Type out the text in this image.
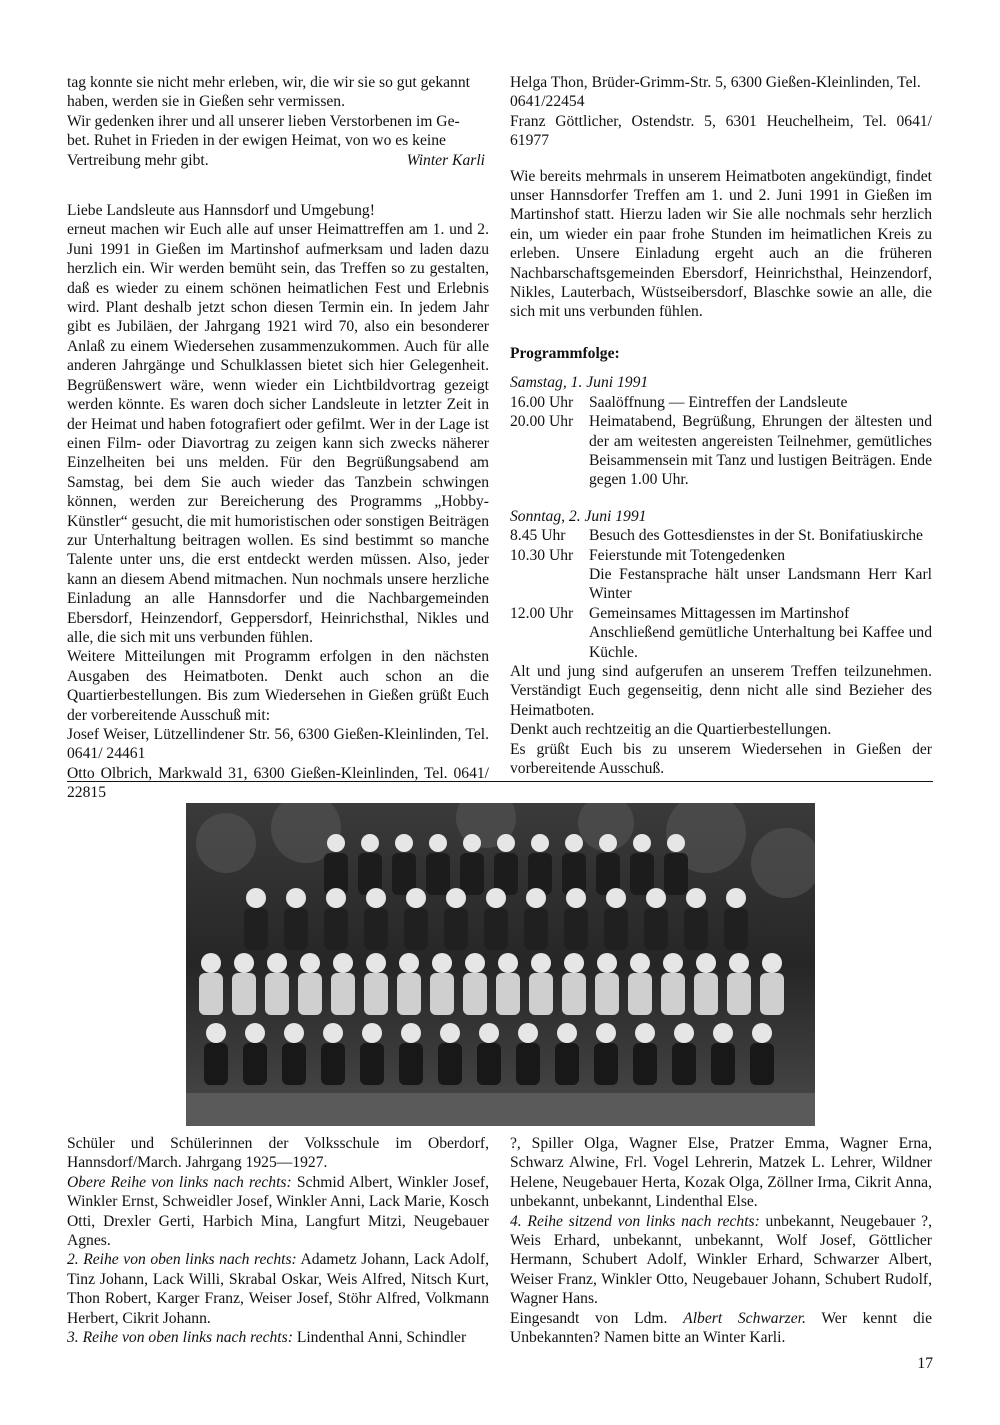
tag konnte sie nicht mehr erleben, wir, die wir sie so gut gekannt

haben, werden sie in Gießen sehr vermissen.

Wir gedenken ihrer und all unserer lieben Verstorbenen im Ge-

bet. Ruhet in Frieden in der ewigen Heimat, von wo es keine

Vertreibung mehr gibt.	Winter Karli

Liebe Landsleute aus Hannsdorf und Umgebung!

erneut machen wir Euch alle auf unser Heimattreffen am 1. und 2. Juni 1991 in Gießen im Martinshof aufmerksam und laden dazu herzlich ein. Wir werden bemüht sein, das Treffen so zu gestalten, daß es wieder zu einem schönen heimatlichen Fest und Erlebnis wird. Plant deshalb jetzt schon diesen Termin ein. In jedem Jahr gibt es Jubiläen, der Jahrgang 1921 wird 70, also ein besonderer Anlaß zu einem Wiedersehen zusammenzukommen. Auch für alle anderen Jahrgänge und Schulklassen bietet sich hier Gelegenheit. Begrüßenswert wäre, wenn wieder ein Lichtbildvortrag gezeigt werden könnte. Es waren doch sicher Landsleute in letzter Zeit in der Heimat und haben fotografiert oder gefilmt. Wer in der Lage ist einen Film- oder Diavortrag zu zeigen kann sich zwecks näherer Einzelheiten bei uns melden. Für den Begrüßungsabend am Samstag, bei dem Sie auch wieder das Tanzbein schwingen können, werden zur Bereicherung des Programms „Hobby-Künstler“ gesucht, die mit humoristischen oder sonstigen Beiträgen zur Unterhaltung beitragen wollen. Es sind bestimmt so manche Talente unter uns, die erst entdeckt werden müssen. Also, jeder kann an diesem Abend mitmachen. Nun nochmals unsere herzliche Einladung an alle Hannsdorfer und die Nachbargemeinden Ebersdorf, Heinzendorf, Geppersdorf, Heinrichsthal, Nikles und alle, die sich mit uns verbunden fühlen.

Weitere Mitteilungen mit Programm erfolgen in den nächsten Ausgaben des Heimatboten. Denkt auch schon an die Quartierbestellungen. Bis zum Wiedersehen in Gießen grüßt Euch der vorbereitende Ausschuß mit:

Josef Weiser, Lützellindener Str. 56, 6300 Gießen-Kleinlinden, Tel. 0641/ 24461

Otto Olbrich, Markwald 31, 6300 Gießen-Kleinlinden, Tel. 0641/ 22815

Helga Thon, Brüder-Grimm-Str. 5, 6300 Gießen-Kleinlinden, Tel. 0641/22454

Franz Göttlicher, Ostendstr. 5, 6301 Heuchelheim, Tel. 0641/ 61977

Wie bereits mehrmals in unserem Heimatboten angekündigt, findet unser Hannsdorfer Treffen am 1. und 2. Juni 1991 in Gießen im Martinshof statt. Hierzu laden wir Sie alle nochmals sehr herzlich ein, um wieder ein paar frohe Stunden im heimatlichen Kreis zu erleben. Unsere Einladung ergeht auch an die früheren Nachbarschaftsgemeinden Ebersdorf, Heinrichsthal, Heinzendorf, Nikles, Lauterbach, Wüstseibersdorf, Blaschke sowie an alle, die sich mit uns verbunden fühlen.

Programmfolge:

Samstag, 1. Juni 1991

16.00 Uhr	Saalöffnung — Eintreffen der Landsleute
20.00 Uhr	Heimatabend, Begrüßung, Ehrungen der ältesten und der am weitesten angereisten Teilnehmer, gemütliches Beisammensein mit Tanz und lustigen Beiträgen. Ende gegen 1.00 Uhr.

Sonntag, 2. Juni 1991

8.45 Uhr	Besuch des Gottesdienstes in der St. Bonifatiuskirche
10.30 Uhr	Feierstunde mit Totengedenken

Die Festansprache hält unser Landsmann Herr Karl Winter

12.00 Uhr	Gemeinsames Mittagessen im Martinshof

Anschließend gemütliche Unterhaltung bei Kaffee und Küchle.

Alt und jung sind aufgerufen an unserem Treffen teilzunehmen. Verständigt Euch gegenseitig, denn nicht alle sind Bezieher des Heimatboten.

Denkt auch rechtzeitig an die Quartierbestellungen.

Es grüßt Euch bis zu unserem Wiedersehen in Gießen der vorbereitende Ausschuß.

Schüler und Schülerinnen der Volksschule im Oberdorf, Hannsdorf/March. Jahrgang 1925—1927.

Obere Reihe von links nach rechts: Schmid Albert, Winkler Josef, Winkler Ernst, Schweidler Josef, Winkler Anni, Lack Marie, Kosch Otti, Drexler Gerti, Harbich Mina, Langfurt Mitzi, Neugebauer Agnes.

2. Reihe von oben links nach rechts: Adametz Johann, Lack Adolf, Tinz Johann, Lack Willi, Skrabal Oskar, Weis Alfred, Nitsch Kurt, Thon Robert, Karger Franz, Weiser Josef, Stöhr Alfred, Volkmann Herbert, Cikrit Johann.

3. Reihe von oben links nach rechts: Lindenthal Anni, Schindler

?, Spiller Olga, Wagner Else, Pratzer Emma, Wagner Erna, Schwarz Alwine, Frl. Vogel Lehrerin, Matzek L. Lehrer, Wildner Helene, Neugebauer Herta, Kozak Olga, Zöllner Irma, Cikrit Anna, unbekannt, unbekannt, Lindenthal Else.

4. Reihe sitzend von links nach rechts: unbekannt, Neugebauer ?, Weis Erhard, unbekannt, unbekannt, Wolf Josef, Göttlicher Hermann, Schubert Adolf, Winkler Erhard, Schwarzer Albert, Weiser Franz, Winkler Otto, Neugebauer Johann, Schubert Rudolf, Wagner Hans.

Eingesandt von Ldm. Albert Schwarzer. Wer kennt die Unbekannten? Namen bitte an Winter Karli.

17
